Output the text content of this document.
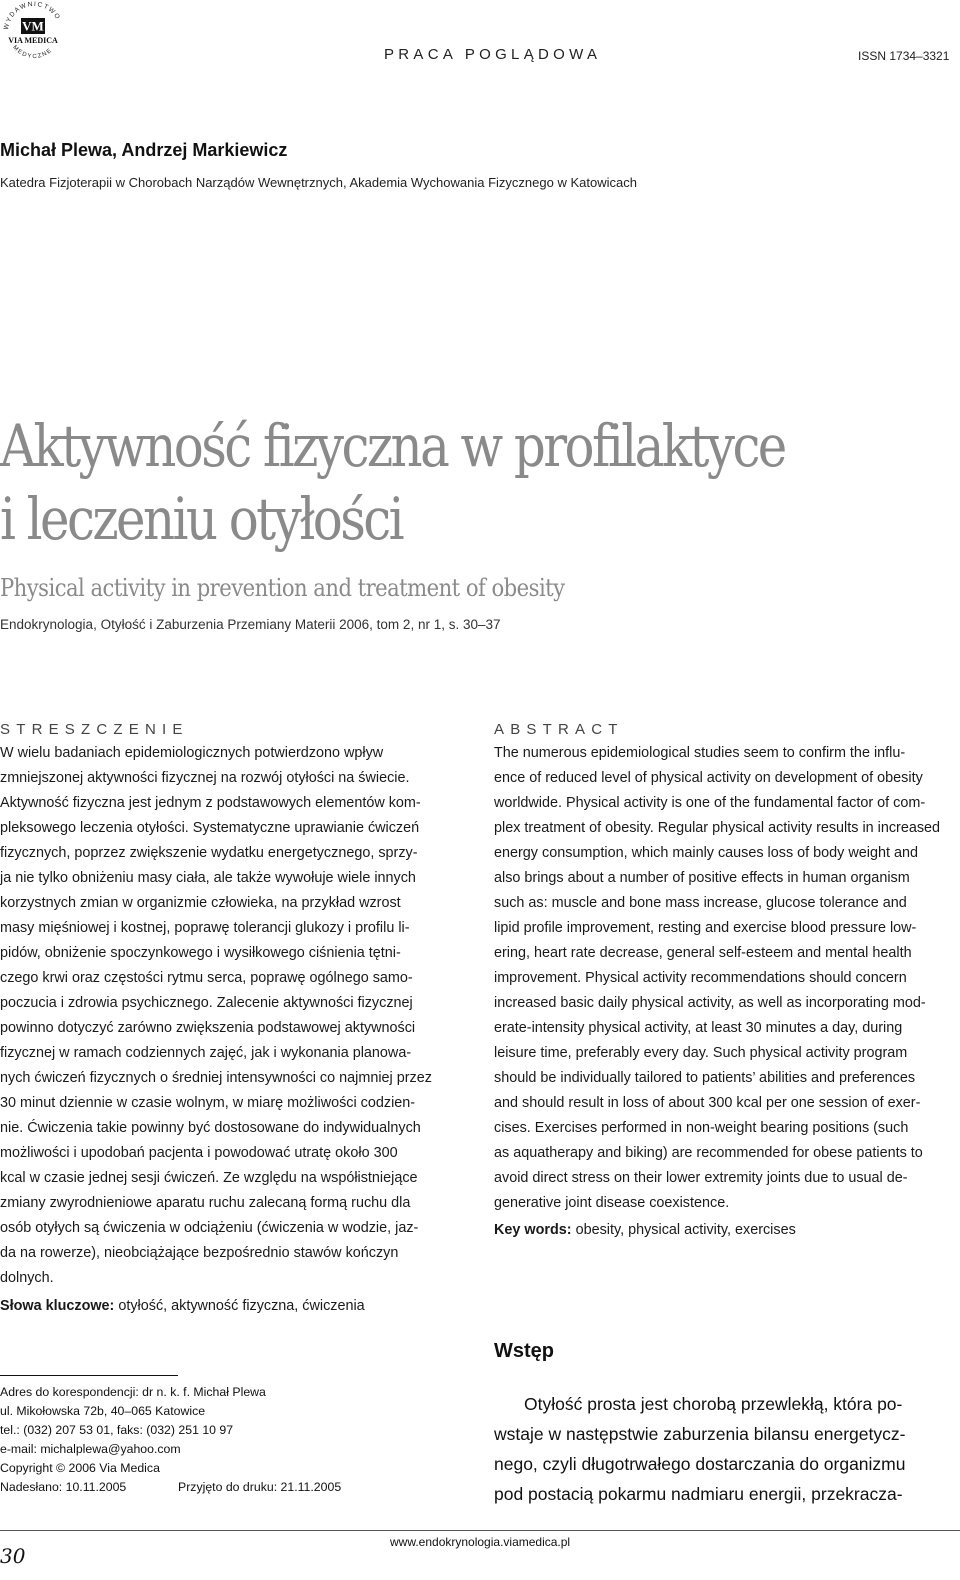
WYDAWNICTWO
MEDYCZNE
VM
VIA MEDICA
PRACA POGLĄDOWA	ISSN 1734–3321
Michał Plewa, Andrzej Markiewicz
Katedra Fizjoterapii w Chorobach Narządów Wewnętrznych, Akademia Wychowania Fizycznego w Katowicach
Aktywność fizyczna w profilaktyce
i leczeniu otyłości
Physical activity in prevention and treatment of obesity
Endokrynologia, Otyłość i Zaburzenia Przemiany Materii 2006, tom 2, nr 1, s. 30–37
STRESZCZENIE
W wielu badaniach epidemiologicznych potwierdzono wpływ
zmniejszonej aktywności fizycznej na rozwój otyłości na świecie.
Aktywność fizyczna jest jednym z podstawowych elementów kom-
pleksowego leczenia otyłości. Systematyczne uprawianie ćwiczeń
fizycznych, poprzez zwiększenie wydatku energetycznego, sprzy-
ja nie tylko obniżeniu masy ciała, ale także wywołuje wiele innych
korzystnych zmian w organizmie człowieka, na przykład wzrost
masy mięśniowej i kostnej, poprawę tolerancji glukozy i profilu li-
pidów, obniżenie spoczynkowego i wysiłkowego ciśnienia tętni-
czego krwi oraz częstości rytmu serca, poprawę ogólnego samo-
poczucia i zdrowia psychicznego. Zalecenie aktywności fizycznej
powinno dotyczyć zarówno zwiększenia podstawowej aktywności
fizycznej w ramach codziennych zajęć, jak i wykonania planowa-
nych ćwiczeń fizycznych o średniej intensywności co najmniej przez
30 minut dziennie w czasie wolnym, w miarę możliwości codzien-
nie. Ćwiczenia takie powinny być dostosowane do indywidualnych
możliwości i upodobań pacjenta i powodować utratę około 300
kcal w czasie jednej sesji ćwiczeń. Ze względu na współistniejące
zmiany zwyrodnieniowe aparatu ruchu zalecaną formą ruchu dla
osób otyłych są ćwiczenia w odciążeniu (ćwiczenia w wodzie, jaz-
da na rowerze), nieobciążające bezpośrednio stawów kończyn
dolnych.
Słowa kluczowe: otyłość, aktywność fizyczna, ćwiczenia
ABSTRACT
The numerous epidemiological studies seem to confirm the influ-
ence of reduced level of physical activity on development of obesity
worldwide. Physical activity is one of the fundamental factor of com-
plex treatment of obesity. Regular physical activity results in increased
energy consumption, which mainly causes loss of body weight and
also brings about a number of positive effects in human organism
such as: muscle and bone mass increase, glucose tolerance and
lipid profile improvement, resting and exercise blood pressure low-
ering, heart rate decrease, general self-esteem and mental health
improvement. Physical activity recommendations should concern
increased basic daily physical activity, as well as incorporating mod-
erate-intensity physical activity, at least 30 minutes a day, during
leisure time, preferably every day. Such physical activity program
should be individually tailored to patients’ abilities and preferences
and should result in loss of about 300 kcal per one session of exer-
cises. Exercises performed in non-weight bearing positions (such
as aquatherapy and biking) are recommended for obese patients to
avoid direct stress on their lower extremity joints due to usual de-
generative joint disease coexistence.
Key words: obesity, physical activity, exercises
Adres do korespondencji: dr n. k. f. Michał Plewa
ul. Mikołowska 72b, 40–065 Katowice
tel.: (032) 207 53 01, faks: (032) 251 10 97
e-mail: michalplewa@yahoo.com
Copyright © 2006 Via Medica
Nadesłano: 10.11.2005	Przyjęto do druku: 21.11.2005
Wstęp
Otyłość prosta jest chorobą przewlekłą, która po-
wstaje w następstwie zaburzenia bilansu energetycz-
nego, czyli długotrwałego dostarczania do organizmu
pod postacią pokarmu nadmiaru energii, przekracza-
www.endokrynologia.viamedica.pl
30
